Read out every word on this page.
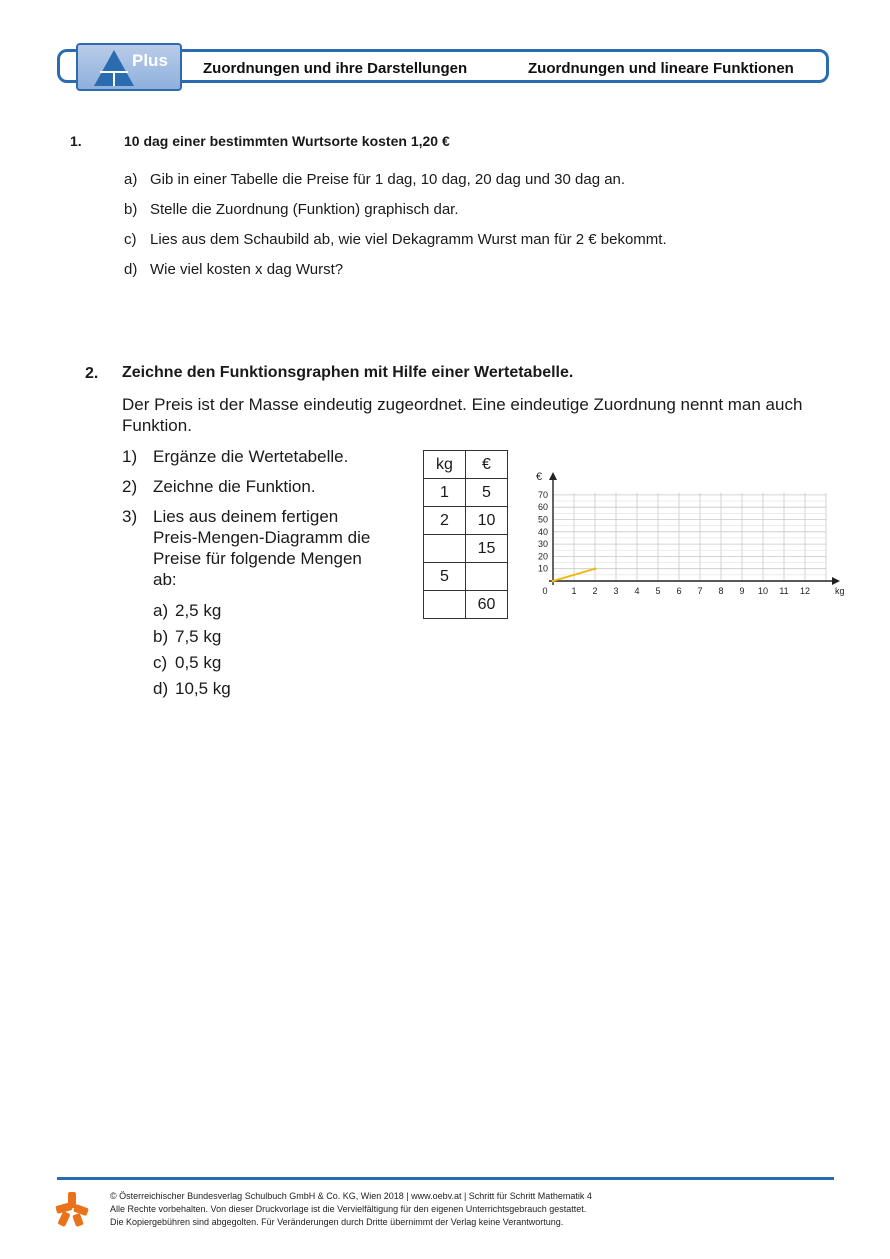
Plus Zuordnungen und ihre Darstellungen	Zuordnungen und lineare Funktionen
1.	10 dag einer bestimmten Wurtsorte kosten 1,20 €
a) Gib in einer Tabelle die Preise für 1 dag, 10 dag, 20 dag und 30 dag an.
b) Stelle die Zuordnung (Funktion) graphisch dar.
c) Lies aus dem Schaubild ab, wie viel Dekagramm Wurst man für 2 € bekommt.
d) Wie viel kosten x dag Wurst?
2. Zeichne den Funktionsgraphen mit Hilfe einer Wertetabelle.
Der Preis ist der Masse eindeutig zugeordnet. Eine eindeutige Zuordnung nennt man auch Funktion.
1) Ergänze die Wertetabelle.
2) Zeichne die Funktion.
3) Lies aus deinem fertigen Preis-Mengen-Diagramm die Preise für folgende Mengen ab:
a) 2,5 kg
b) 7,5 kg
c) 0,5 kg
d) 10,5 kg
kg	€
1	5
2	10
	15
5	
	60
0	1 2 3 4 5 6 7 8 9 10 11 12
10
20
30
40
50
60
70
kg
€
© Österreichischer Bundesverlag Schulbuch GmbH & Co. KG, Wien 2018 | www.oebv.at | Schritt für Schritt Mathematik 4
Alle Rechte vorbehalten. Von dieser Druckvorlage ist die Vervielfältigung für den eigenen Unterrichtsgebrauch gestattet.
Die Kopiergebühren sind abgegolten. Für Veränderungen durch Dritte übernimmt der Verlag keine Verantwortung.
